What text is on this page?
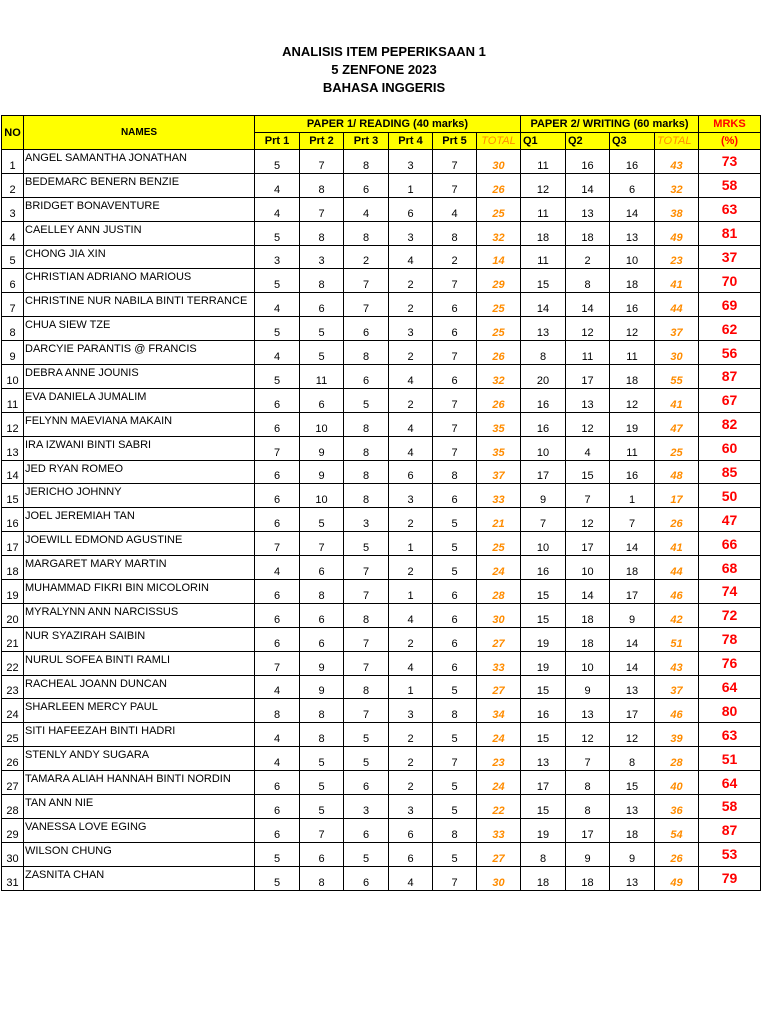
ANALISIS ITEM PEPERIKSAAN 1
5 ZENFONE 2023
BAHASA INGGERIS
NO	NAMES	PAPER 1/ READING (40 marks)						PAPER 2/ WRITING (60 marks)				MRKS
		Prt 1	Prt 2	Prt 3	Prt 4	Prt 5	TOTAL	Q1	Q2	Q3	TOTAL	(%)
1	ANGEL SAMANTHA JONATHAN	5	7	8	3	7	30	11	16	16	43	73
2	BEDEMARC BENERN BENZIE	4	8	6	1	7	26	12	14	6	32	58
3	BRIDGET BONAVENTURE	4	7	4	6	4	25	11	13	14	38	63
4	CAELLEY ANN JUSTIN	5	8	8	3	8	32	18	18	13	49	81
5	CHONG JIA XIN	3	3	2	4	2	14	11	2	10	23	37
6	CHRISTIAN ADRIANO MARIOUS	5	8	7	2	7	29	15	8	18	41	70
7	CHRISTINE NUR NABILA BINTI TERRANCE	4	6	7	2	6	25	14	14	16	44	69
8	CHUA SIEW TZE	5	5	6	3	6	25	13	12	12	37	62
9	DARCYIE PARANTIS @ FRANCIS	4	5	8	2	7	26	8	11	11	30	56
10	DEBRA ANNE JOUNIS	5	11	6	4	6	32	20	17	18	55	87
11	EVA DANIELA JUMALIM	6	6	5	2	7	26	16	13	12	41	67
12	FELYNN MAEVIANA MAKAIN	6	10	8	4	7	35	16	12	19	47	82
13	IRA IZWANI BINTI SABRI	7	9	8	4	7	35	10	4	11	25	60
14	JED RYAN ROMEO	6	9	8	6	8	37	17	15	16	48	85
15	JERICHO JOHNNY	6	10	8	3	6	33	9	7	1	17	50
16	JOEL JEREMIAH TAN	6	5	3	2	5	21	7	12	7	26	47
17	JOEWILL EDMOND AGUSTINE	7	7	5	1	5	25	10	17	14	41	66
18	MARGARET MARY MARTIN	4	6	7	2	5	24	16	10	18	44	68
19	MUHAMMAD FIKRI BIN MICOLORIN	6	8	7	1	6	28	15	14	17	46	74
20	MYRALYNN ANN NARCISSUS	6	6	8	4	6	30	15	18	9	42	72
21	NUR SYAZIRAH SAIBIN	6	6	7	2	6	27	19	18	14	51	78
22	NURUL SOFEA BINTI RAMLI	7	9	7	4	6	33	19	10	14	43	76
23	RACHEAL JOANN DUNCAN	4	9	8	1	5	27	15	9	13	37	64
24	SHARLEEN MERCY PAUL	8	8	7	3	8	34	16	13	17	46	80
25	SITI HAFEEZAH BINTI HADRI	4	8	5	2	5	24	15	12	12	39	63
26	STENLY ANDY SUGARA	4	5	5	2	7	23	13	7	8	28	51
27	TAMARA ALIAH HANNAH BINTI NORDIN	6	5	6	2	5	24	17	8	15	40	64
28	TAN ANN NIE	6	5	3	3	5	22	15	8	13	36	58
29	VANESSA LOVE EGING	6	7	6	6	8	33	19	17	18	54	87
30	WILSON CHUNG	5	6	5	6	5	27	8	9	9	26	53
31	ZASNITA CHAN	5	8	6	4	7	30	18	18	13	49	79
